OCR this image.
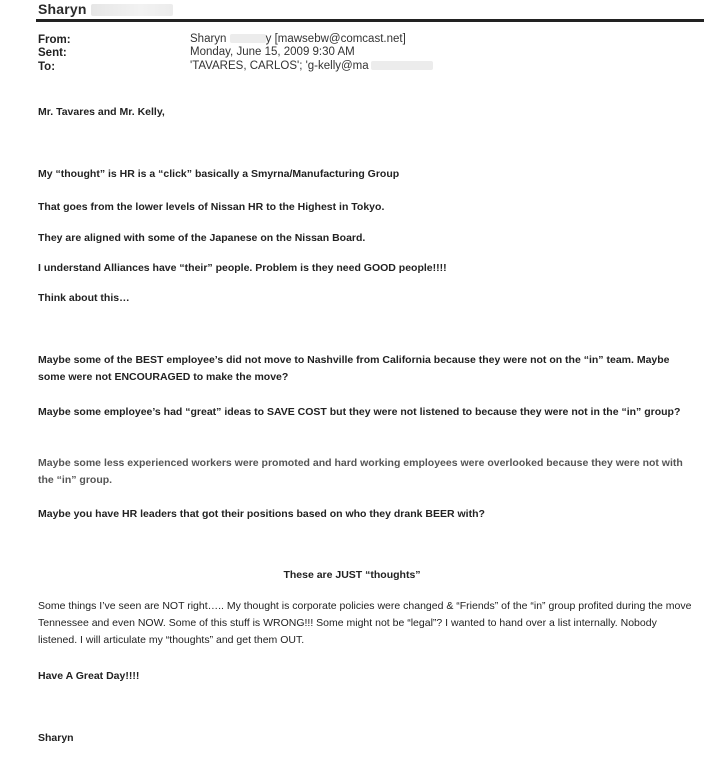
Sharyn
From:
Sent:
To:
Sharyn	y [mawsebw@comcast.net]
Monday, June 15, 2009 9:30 AM
'TAVARES, CARLOS'; 'g-kelly@ma
Mr. Tavares and Mr. Kelly,
My “thought” is HR is a “click” basically a Smyrna/Manufacturing Group
That goes from the lower levels of Nissan HR to the Highest in Tokyo.
They are aligned with some of the Japanese on the Nissan Board.
I understand Alliances have “their” people. Problem is they need GOOD people!!!!
Think about this…
Maybe some of the BEST employee’s did not move to Nashville from California because they were not on the “in” team. Maybe some were not ENCOURAGED to make the move?
Maybe some employee’s had “great” ideas to SAVE COST but they were not listened to because they were not in the “in” group?
Maybe some less experienced workers were promoted and hard working employees were overlooked because they were not with the “in” group.
Maybe you have HR leaders that got their positions based on who they drank BEER with?
These are JUST “thoughts”
Some things I’ve seen are NOT right….. My thought is corporate policies were changed & “Friends” of the “in” group profited during the move Tennessee and even NOW. Some of this stuff is WRONG!!! Some might not be “legal”? I wanted to hand over a list internally. Nobody listened. I will articulate my “thoughts” and get them OUT.
Have A Great Day!!!!
Sharyn
